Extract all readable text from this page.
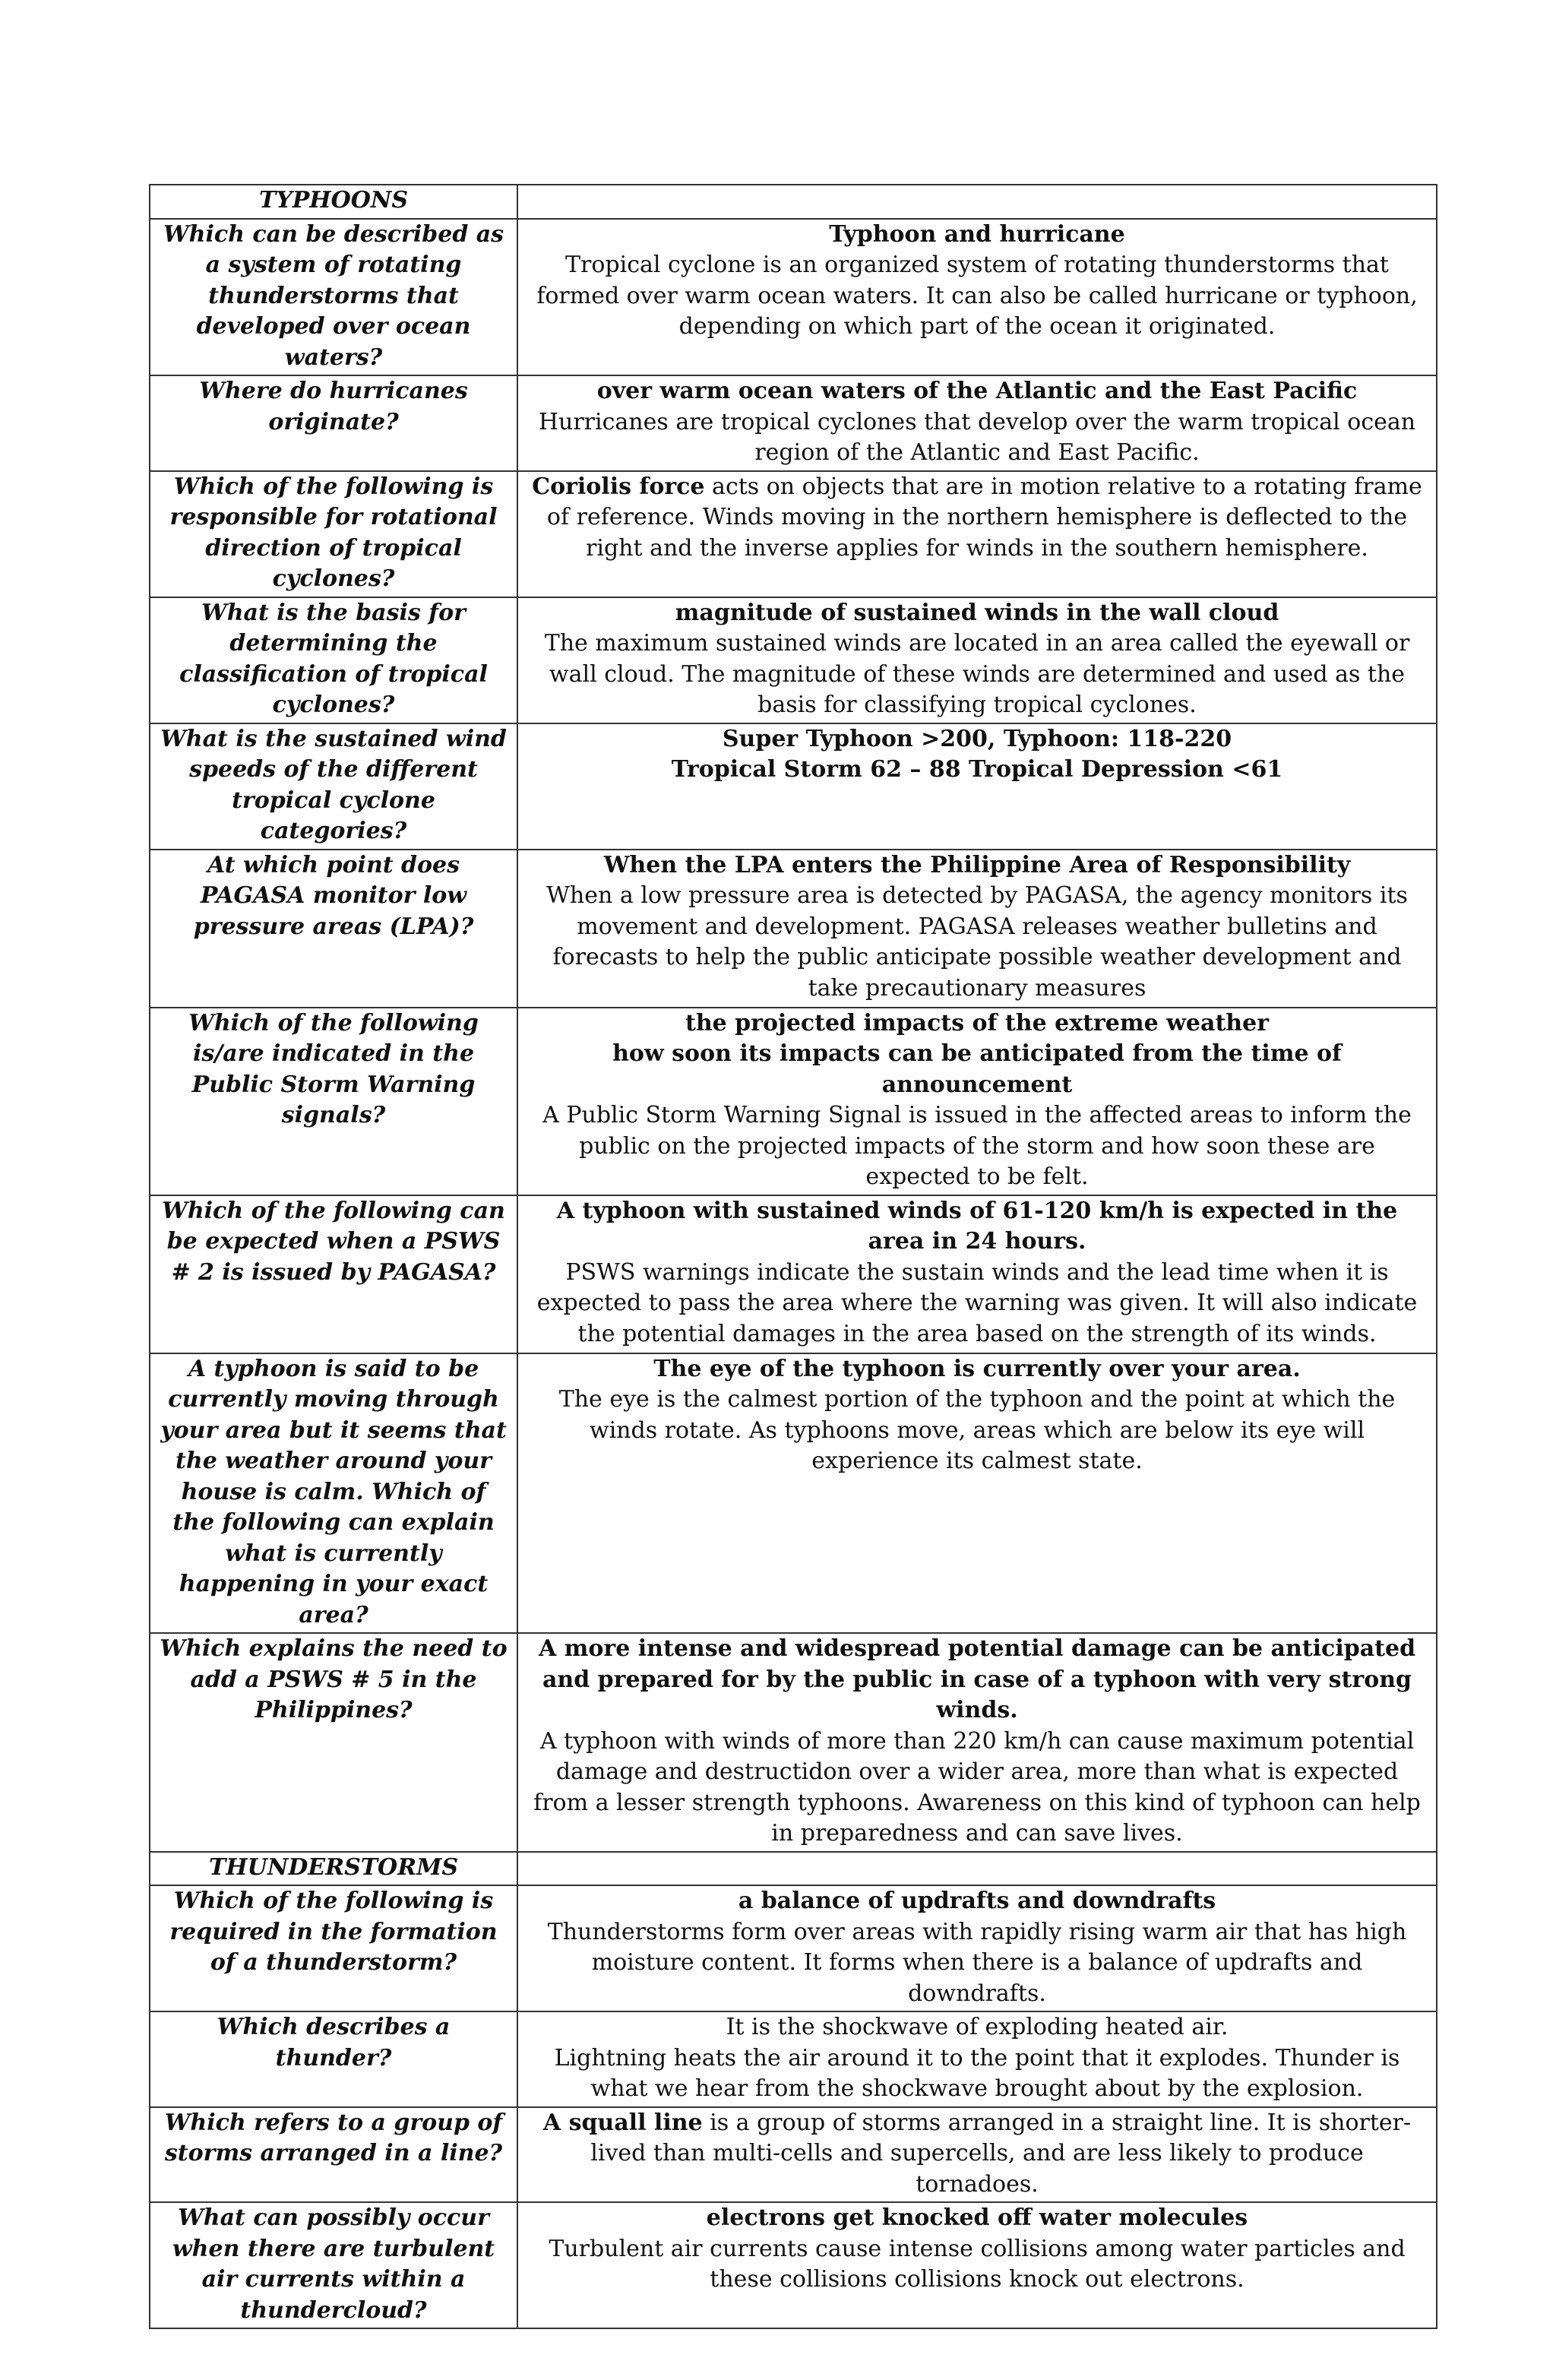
TYPHOONS	
Which can be described as a system of rotating thunderstorms that developed over ocean waters?	Typhoon and hurricane
Tropical cyclone is an organized system of rotating thunderstorms that formed over warm ocean waters. It can also be called hurricane or typhoon, depending on which part of the ocean it originated.

Where do hurricanes originate?	over warm ocean waters of the Atlantic and the East Pacific
Hurricanes are tropical cyclones that develop over the warm tropical ocean region of the Atlantic and East Pacific.

Which of the following is responsible for rotational direction of tropical cyclones?	Coriolis force acts on objects that are in motion relative to a rotating frame of reference. Winds moving in the northern hemisphere is deflected to the right and the inverse applies for winds in the southern hemisphere.
What is the basis for determining the classification of tropical cyclones?	magnitude of sustained winds in the wall cloud
The maximum sustained winds are located in an area called the eyewall or wall cloud. The magnitude of these winds are determined and used as the basis for classifying tropical cyclones.

What is the sustained wind speeds of the different tropical cyclone categories?	Super Typhoon >200, Typhoon: 118-220
Tropical Storm 62 – 88 Tropical Depression <61

At which point does PAGASA monitor low pressure areas (LPA)?	When the LPA enters the Philippine Area of Responsibility
When a low pressure area is detected by PAGASA, the agency monitors its movement and development. PAGASA releases weather bulletins and forecasts to help the public anticipate possible weather development and take precautionary measures

Which of the following is/are indicated in the Public Storm Warning signals?	the projected impacts of the extreme weather
how soon its impacts can be anticipated from the time of announcement
A Public Storm Warning Signal is issued in the affected areas to inform the public on the projected impacts of the storm and how soon these are expected to be felt.

Which of the following can be expected when a PSWS # 2 is issued by PAGASA?	A typhoon with sustained winds of 61-120 km/h is expected in the area in 24 hours.
PSWS warnings indicate the sustain winds and the lead time when it is expected to pass the area where the warning was given. It will also indicate the potential damages in the area based on the strength of its winds.

A typhoon is said to be currently moving through your area but it seems that the weather around your house is calm. Which of the following can explain what is currently happening in your exact area?	The eye of the typhoon is currently over your area.
The eye is the calmest portion of the typhoon and the point at which the winds rotate. As typhoons move, areas which are below its eye will experience its calmest state.

Which explains the need to add a PSWS # 5 in the Philippines?	A more intense and widespread potential damage can be anticipated and prepared for by the public in case of a typhoon with very strong winds.
A typhoon with winds of more than 220 km/h can cause maximum potential damage and destructidon over a wider area, more than what is expected from a lesser strength typhoons. Awareness on this kind of typhoon can help in preparedness and can save lives.

THUNDERSTORMS	
Which of the following is required in the formation of a thunderstorm?	a balance of updrafts and downdrafts
Thunderstorms form over areas with rapidly rising warm air that has high moisture content. It forms when there is a balance of updrafts and downdrafts.

Which describes a thunder?	It is the shockwave of exploding heated air.
Lightning heats the air around it to the point that it explodes. Thunder is what we hear from the shockwave brought about by the explosion.

Which refers to a group of storms arranged in a line?	A squall line is a group of storms arranged in a straight line. It is shorter-lived than multi-cells and supercells, and are less likely to produce tornadoes.
What can possibly occur when there are turbulent air currents within a thundercloud?	electrons get knocked off water molecules
Turbulent air currents cause intense collisions among water particles and these collisions collisions knock out electrons.
